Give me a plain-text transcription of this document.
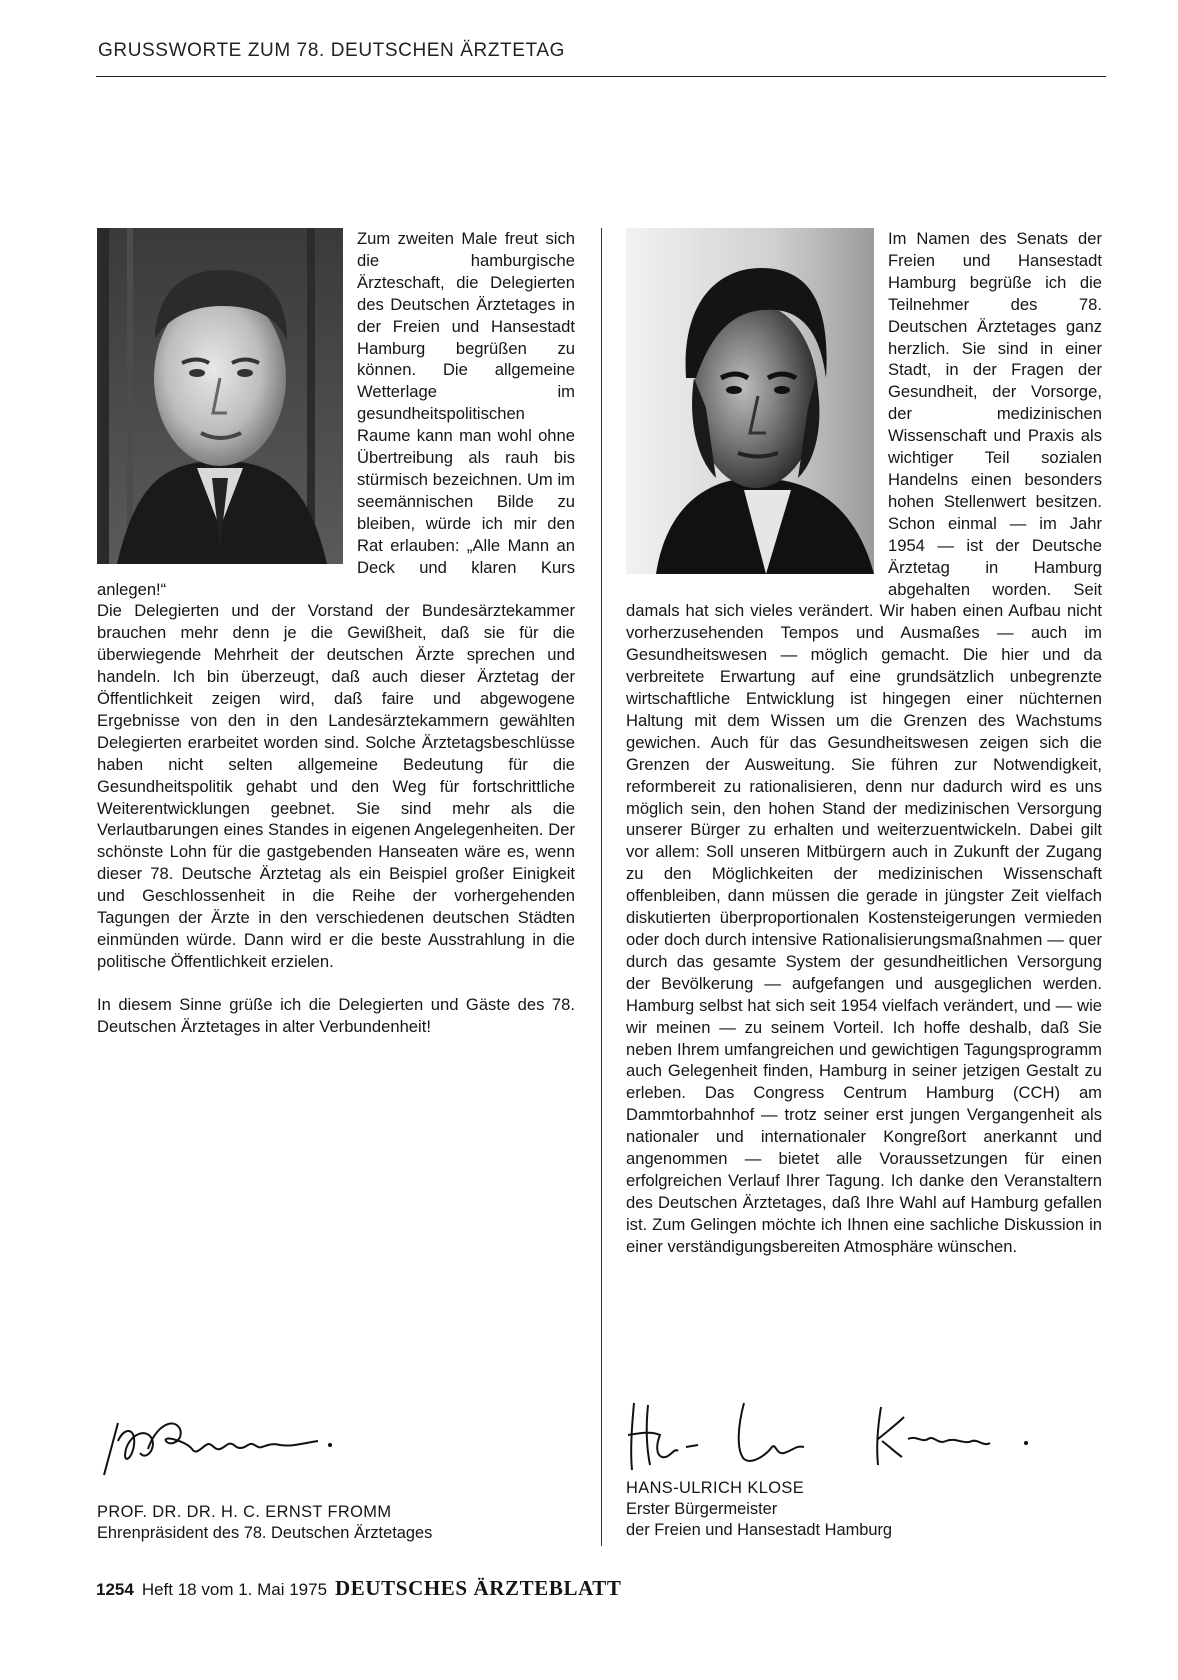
GRUSSWORTE ZUM 78. DEUTSCHEN ÄRZTETAG

Zum zweiten Male freut sich die hamburgische Ärzteschaft, die Delegierten des Deutschen Ärztetages in der Freien und Hansestadt Hamburg begrüßen zu können. Die allgemeine Wetterlage im gesundheitspolitischen Raume kann man wohl ohne Übertreibung als rauh bis stürmisch bezeichnen. Um im seemännischen Bilde zu bleiben, würde ich mir den Rat erlauben: „Alle Mann an Deck und klaren Kurs anlegen!“

Die Delegierten und der Vorstand der Bundesärztekammer brauchen mehr denn je die Gewißheit, daß sie für die überwiegende Mehrheit der deutschen Ärzte sprechen und handeln. Ich bin überzeugt, daß auch dieser Ärztetag der Öffentlichkeit zeigen wird, daß faire und abgewogene Ergebnisse von den in den Landesärztekammern gewählten Delegierten erarbeitet worden sind. Solche Ärztetagsbeschlüsse haben nicht selten allgemeine Bedeutung für die Gesundheitspolitik gehabt und den Weg für fortschrittliche Weiterentwicklungen geebnet. Sie sind mehr als die Verlautbarungen eines Standes in eigenen Angelegenheiten. Der schönste Lohn für die gastgebenden Hanseaten wäre es, wenn dieser 78. Deutsche Ärztetag als ein Beispiel großer Einigkeit und Geschlossenheit in die Reihe der vorhergehenden Tagungen der Ärzte in den verschiedenen deutschen Städten einmünden würde. Dann wird er die beste Ausstrahlung in die politische Öffentlichkeit erzielen.

In diesem Sinne grüße ich die Delegierten und Gäste des 78. Deutschen Ärztetages in alter Verbundenheit!

Im Namen des Senats der Freien und Hansestadt Hamburg begrüße ich die Teilnehmer des 78. Deutschen Ärztetages ganz herzlich. Sie sind in einer Stadt, in der Fragen der Gesundheit, der Vorsorge, der medizinischen Wissenschaft und Praxis als wichtiger Teil sozialen Handelns einen besonders hohen Stellenwert besitzen. Schon einmal — im Jahr 1954 — ist der Deutsche Ärztetag in Hamburg abgehalten worden. Seit damals hat sich vieles verändert. Wir haben einen Aufbau nicht vorherzusehenden Tempos und Ausmaßes — auch im Gesundheitswesen — möglich gemacht. Die hier und da verbreitete Erwartung auf eine grundsätzlich unbegrenzte wirtschaftliche Entwicklung ist hingegen einer nüchternen Haltung mit dem Wissen um die Grenzen des Wachstums gewichen. Auch für das Gesundheitswesen zeigen sich die Grenzen der Ausweitung. Sie führen zur Notwendigkeit, reformbereit zu rationalisieren, denn nur dadurch wird es uns möglich sein, den hohen Stand der medizinischen Versorgung unserer Bürger zu erhalten und weiterzuentwickeln. Dabei gilt vor allem: Soll unseren Mitbürgern auch in Zukunft der Zugang zu den Möglichkeiten der medizinischen Wissenschaft offenbleiben, dann müssen die gerade in jüngster Zeit vielfach diskutierten überproportionalen Kostensteigerungen vermieden oder doch durch intensive Rationalisierungsmaßnahmen — quer durch das gesamte System der gesundheitlichen Versorgung der Bevölkerung — aufgefangen und ausgeglichen werden. Hamburg selbst hat sich seit 1954 vielfach verändert, und — wie wir meinen — zu seinem Vorteil. Ich hoffe deshalb, daß Sie neben Ihrem umfangreichen und gewichtigen Tagungsprogramm auch Gelegenheit finden, Hamburg in seiner jetzigen Gestalt zu erleben. Das Congress Centrum Hamburg (CCH) am Dammtorbahnhof — trotz seiner erst jungen Vergangenheit als nationaler und internationaler Kongreßort anerkannt und angenommen — bietet alle Voraussetzungen für einen erfolgreichen Verlauf Ihrer Tagung. Ich danke den Veranstaltern des Deutschen Ärztetages, daß Ihre Wahl auf Hamburg gefallen ist. Zum Gelingen möchte ich Ihnen eine sachliche Diskussion in einer verständigungsbereiten Atmosphäre wünschen.

PROF. DR. DR. H. C. ERNST FROMM
Ehrenpräsident des 78. Deutschen Ärztetages
HANS-ULRICH KLOSE
Erster Bürgermeister
der Freien und Hansestadt Hamburg
1254 Heft 18 vom 1. Mai 1975 DEUTSCHES ÄRZTEBLATT
